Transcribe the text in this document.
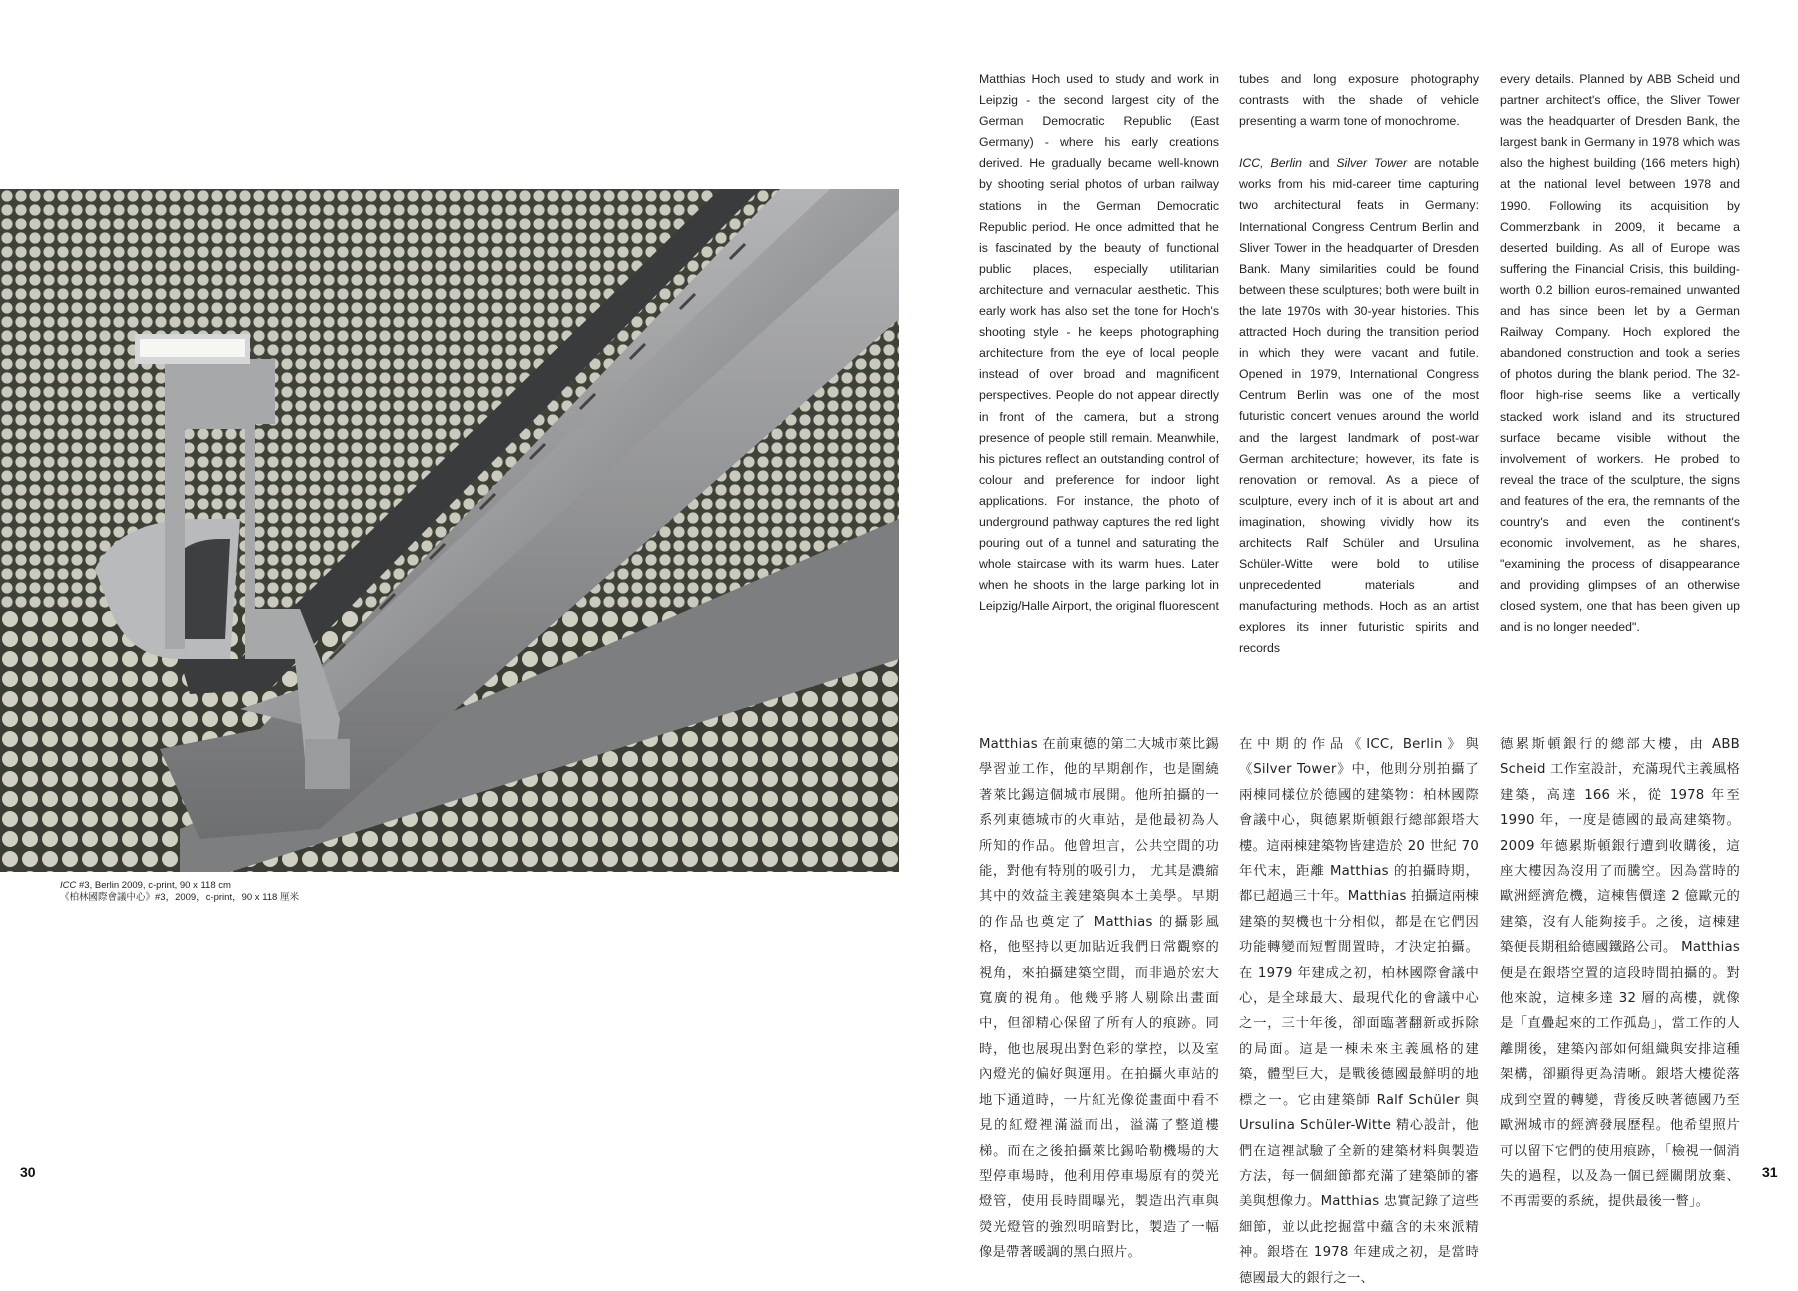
ICC #3, Berlin 2009, c-print, 90 x 118 cm
《柏林國際會議中心》#3，2009，c-print，90 x 118 厘米

Matthias Hoch used to study and work in Leipzig - the second largest city of the German Democratic Republic (East Germany) - where his early creations derived. He gradually became well-known by shooting serial photos of urban railway stations in the German Democratic Republic period. He once admitted that he is fascinated by the beauty of functional public places, especially utilitarian architecture and vernacular aesthetic. This early work has also set the tone for Hoch's shooting style - he keeps photographing architecture from the eye of local people instead of over broad and magnificent perspectives. People do not appear directly in front of the camera, but a strong presence of people still remain. Meanwhile, his pictures reflect an outstanding control of colour and preference for indoor light applications. For instance, the photo of underground pathway captures the red light pouring out of a tunnel and saturating the whole staircase with its warm hues. Later when he shoots in the large parking lot in Leipzig/Halle Airport, the original fluorescent

tubes and long exposure photography contrasts with the shade of vehicle presenting a warm tone of monochrome.

ICC, Berlin and Silver Tower are notable works from his mid-career time capturing two architectural feats in Germany: International Congress Centrum Berlin and Sliver Tower in the headquarter of Dresden Bank. Many similarities could be found between these sculptures; both were built in the late 1970s with 30-year histories. This attracted Hoch during the transition period in which they were vacant and futile. Opened in 1979, International Congress Centrum Berlin was one of the most futuristic concert venues around the world and the largest landmark of post-war German architecture; however, its fate is renovation or removal. As a piece of sculpture, every inch of it is about art and imagination, showing vividly how its architects Ralf Schüler and Ursulina Schüler-Witte were bold to utilise unprecedented materials and manufacturing methods. Hoch as an artist explores its inner futuristic spirits and records

every details. Planned by ABB Scheid und partner architect's office, the Sliver Tower was the headquarter of Dresden Bank, the largest bank in Germany in 1978 which was also the highest building (166 meters high) at the national level between 1978 and 1990. Following its acquisition by Commerzbank in 2009, it became a deserted building. As all of Europe was suffering the Financial Crisis, this building-worth 0.2 billion euros-remained unwanted and has since been let by a German Railway Company. Hoch explored the abandoned construction and took a series of photos during the blank period. The 32-floor high-rise seems like a vertically stacked work island and its structured surface became visible without the involvement of workers. He probed to reveal the trace of the sculpture, the signs and features of the era, the remnants of the country's and even the continent's economic involvement, as he shares, "examining the process of disappearance and providing glimpses of an otherwise closed system, one that has been given up and is no longer needed".

Matthias 在前東德的第二大城市萊比錫學習並工作，他的早期創作，也是圍繞著萊比錫這個城市展開。他所拍攝的一系列東德城市的火車站，是他最初為人所知的作品。他曾坦言，公共空間的功能，對他有特別的吸引力， 尤其是濃縮其中的效益主義建築與本土美學。早期的作品也奠定了 Matthias 的攝影風格，他堅持以更加貼近我們日常觀察的視角，來拍攝建築空間，而非過於宏大寬廣的視角。他幾乎將人剔除出畫面中，但卻精心保留了所有人的痕跡。同時，他也展現出對色彩的掌控，以及室內燈光的偏好與運用。在拍攝火車站的地下通道時，一片紅光像從畫面中看不見的紅燈裡滿溢而出，溢滿了整道樓梯。而在之後拍攝萊比錫哈勒機場的大型停車場時，他利用停車場原有的熒光燈管，使用長時間曝光，製造出汽車與熒光燈管的強烈明暗對比，製造了一幅像是帶著暖調的黑白照片。
在中期的作品《ICC, Berlin》與《Silver Tower》中，他則分別拍攝了兩棟同樣位於德國的建築物：柏林國際會議中心，與德累斯頓銀行總部銀塔大樓。這兩棟建築物皆建造於 20 世紀 70 年代末，距離 Matthias 的拍攝時期，都已超過三十年。Matthias 拍攝這兩棟建築的契機也十分相似，都是在它們因功能轉變而短暫閒置時，才決定拍攝。在 1979 年建成之初，柏林國際會議中心，是全球最大、最現代化的會議中心之一，三十年後，卻面臨著翻新或拆除的局面。這是一棟未來主義風格的建築，體型巨大，是戰後德國最鮮明的地標之一。它由建築師 Ralf Schüler 與 Ursulina Schüler-Witte 精心設計，他們在這裡試驗了全新的建築材料與製造方法，每一個細節都充滿了建築師的審美與想像力。Matthias 忠實記錄了這些細節，並以此挖掘當中蘊含的未來派精神。銀塔在 1978 年建成之初，是當時德國最大的銀行之一、
德累斯頓銀行的總部大樓，由 ABB Scheid 工作室設計，充滿現代主義風格建築，高達 166 米，從 1978 年至 1990 年，一度是德國的最高建築物。2009 年德累斯頓銀行遭到收購後，這座大樓因為沒用了而騰空。因為當時的歐洲經濟危機，這棟售價達 2 億歐元的建築，沒有人能夠接手。之後，這棟建築便長期租給德國鐵路公司。 Matthias 便是在銀塔空置的這段時間拍攝的。對他來說，這棟多達 32 層的高樓，就像是「直疊起來的工作孤島」，當工作的人離開後，建築內部如何組織與安排這種架構，卻顯得更為清晰。銀塔大樓從落成到空置的轉變，背後反映著德國乃至歐洲城市的經濟發展歷程。他希望照片可以留下它們的使用痕跡，「檢視一個消失的過程，以及為一個已經關閉放棄、不再需要的系統，提供最後一瞥」。
30	31
